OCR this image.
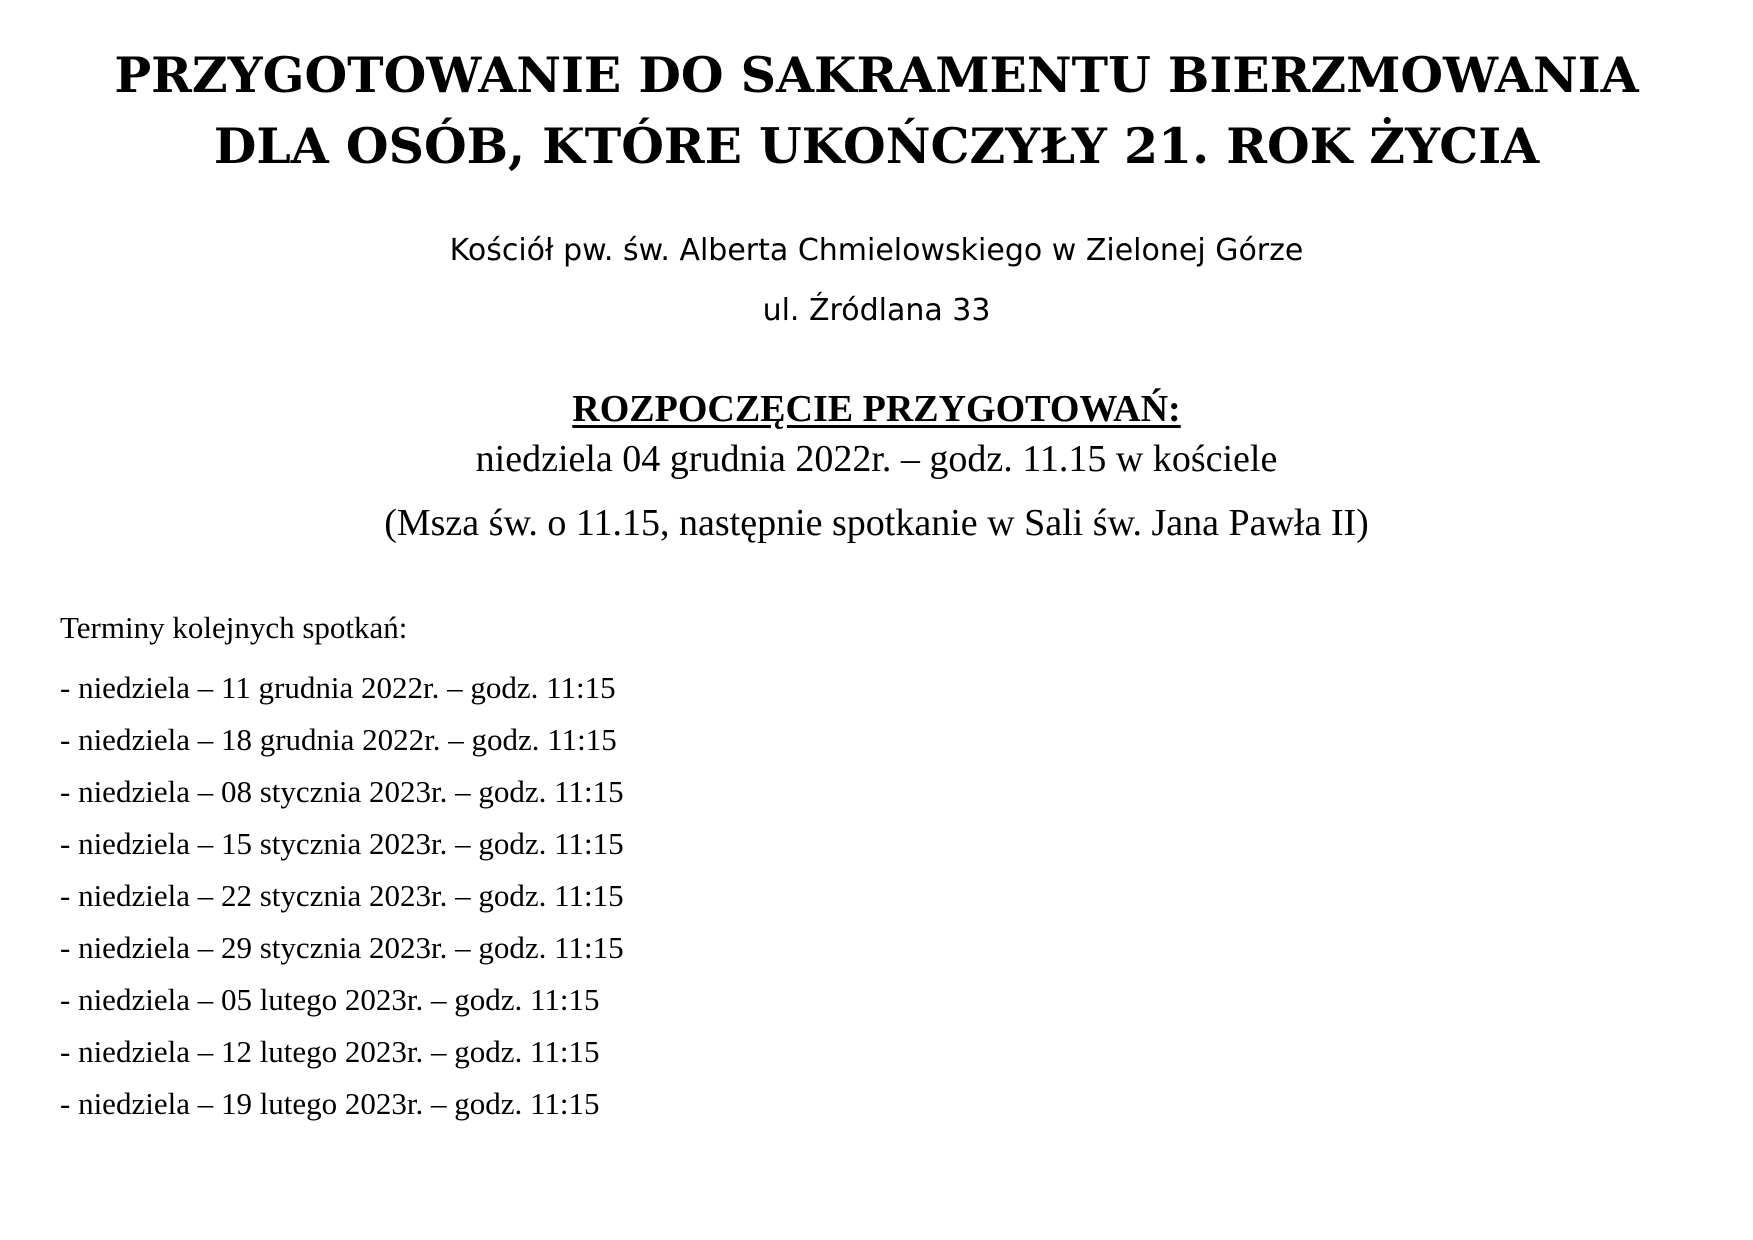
PRZYGOTOWANIE DO SAKRAMENTU BIERZMOWANIA
DLA OSÓB, KTÓRE UKOŃCZYŁY 21. ROK ŻYCIA
Kościół pw. św. Alberta Chmielowskiego w Zielonej Górze
ul. Źródlana 33
ROZPOCZĘCIE PRZYGOTOWAŃ:
niedziela 04 grudnia 2022r. – godz. 11.15 w kościele
(Msza św. o 11.15, następnie spotkanie w Sali św. Jana Pawła II)
Terminy kolejnych spotkań:
- niedziela – 11 grudnia 2022r. – godz. 11:15
- niedziela – 18 grudnia 2022r. – godz. 11:15
- niedziela – 08 stycznia 2023r. – godz. 11:15
- niedziela – 15 stycznia 2023r. – godz. 11:15
- niedziela – 22 stycznia 2023r. – godz. 11:15
- niedziela – 29 stycznia 2023r. – godz. 11:15
- niedziela – 05 lutego 2023r. – godz. 11:15
- niedziela – 12 lutego 2023r. – godz. 11:15
- niedziela – 19 lutego 2023r. – godz. 11:15
